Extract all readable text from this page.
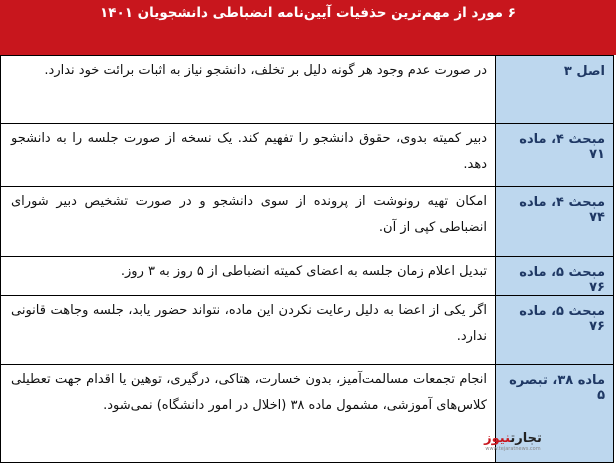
۶ مورد از مهم‌ترین حذفیات آیین‌نامه انضباطی دانشجویان ۱۴۰۱
اصل ۳	در صورت عدم وجود هر گونه دلیل بر تخلف، دانشجو نیاز به اثبات برائت خود ندارد.
مبحث ۴، ماده ۷۱	دبیر کمیته بدوی، حقوق دانشجو را تفهیم کند. یک نسخه از صورت جلسه را به دانشجو دهد.
مبحث ۴، ماده ۷۴	امکان تهیه رونوشت از پرونده از سوی دانشجو و در صورت تشخیص دبیر شورای انضباطی کپی از آن.
مبحث ۵، ماده ۷۶	تبدیل اعلام زمان جلسه به اعضای کمیته انضباطی از ۵ روز به ۳ روز.
مبحث ۵، ماده ۷۶	اگر یکی از اعضا به دلیل رعایت نکردن این ماده، نتواند حضور یابد، جلسه وجاهت قانونی ندارد.
ماده ۳۸، تبصره ۵	انجام تجمعات مسالمت‌آمیز، بدون خسارت، هتاکی، درگیری، توهین یا اقدام جهت تعطیلی کلاس‌های آموزشی، مشمول ماده ۳۸ (اخلال در امور دانشگاه) نمی‌شود.
تجارتنیوز
www.tejaratnews.com
